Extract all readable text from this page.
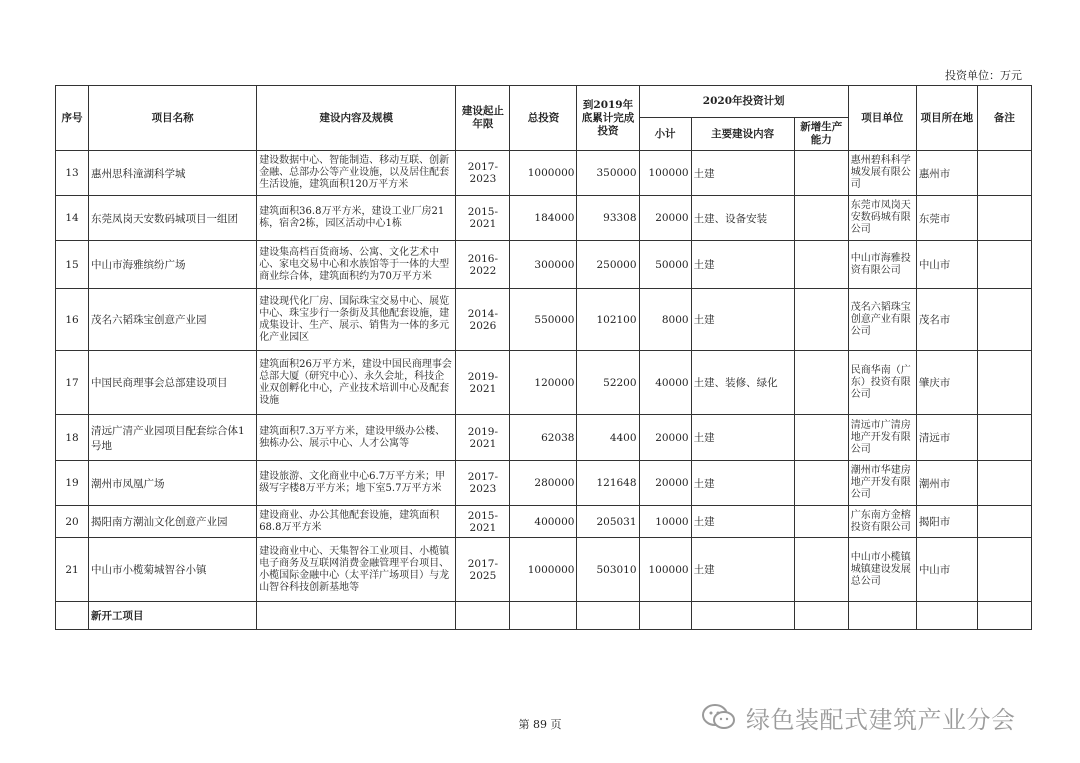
投资单位：万元
序号	项目名称	建设内容及规模	建设起止年限	总投资	到2019年底累计完成投资	2020年投资计划			项目单位	项目所在地	备注
						小计	主要建设内容	新增生产能力			
13	惠州思科潼湖科学城	建设数据中心、智能制造、移动互联、创新金融、总部办公等产业设施，以及居住配套生活设施，建筑面积120万平方米	2017-2023	1000000	350000	100000	土建		惠州碧科科学城发展有限公司	惠州市	
14	东莞凤岗天安数码城项目一组团	建筑面积36.8万平方米，建设工业厂房21栋，宿舍2栋，园区活动中心1栋	2015-2021	184000	93308	20000	土建、设备安装		东莞市凤岗天安数码城有限公司	东莞市	
15	中山市海雅缤纷广场	建设集高档百货商场、公寓、文化艺术中心、家电交易中心和水族馆等于一体的大型商业综合体，建筑面积约为70万平方米	2016-2022	300000	250000	50000	土建		中山市海雅投资有限公司	中山市	
16	茂名六韬珠宝创意产业园	建设现代化厂房、国际珠宝交易中心、展览中心、珠宝步行一条街及其他配套设施，建成集设计、生产、展示、销售为一体的多元化产业园区	2014-2026	550000	102100	8000	土建		茂名六韬珠宝创意产业有限公司	茂名市	
17	中国民商理事会总部建设项目	建筑面积26万平方米，建设中国民商理事会总部大厦（研究中心）、永久会址，科技企业双创孵化中心，产业技术培训中心及配套设施	2019-2021	120000	52200	40000	土建、装修、绿化		民商华南（广东）投资有限公司	肇庆市	
18	清远广清产业园项目配套综合体1号地	建筑面积7.3万平方米，建设甲级办公楼、独栋办公、展示中心、人才公寓等	2019-2021	62038	4400	20000	土建		清远市广清房地产开发有限公司	清远市	
19	潮州市凤凰广场	建设旅游、文化商业中心6.7万平方米；甲级写字楼8万平方米；地下室5.7万平方米	2017-2023	280000	121648	20000	土建		潮州市华建房地产开发有限公司	潮州市	
20	揭阳南方潮汕文化创意产业园	建设商业、办公其他配套设施，建筑面积68.8万平方米	2015-2021	400000	205031	10000	土建		广东南方金榕投资有限公司	揭阳市	
21	中山市小榄菊城智谷小镇	建设商业中心、天集智谷工业项目、小榄镇电子商务及互联网消费金融管理平台项目、小榄国际金融中心（太平洋广场项目）与龙山智谷科技创新基地等	2017-2025	1000000	503010	100000	土建		中山市小榄镇城镇建设发展总公司	中山市	
	新开工项目										
第 89 页	绿色装配式建筑产业分会
